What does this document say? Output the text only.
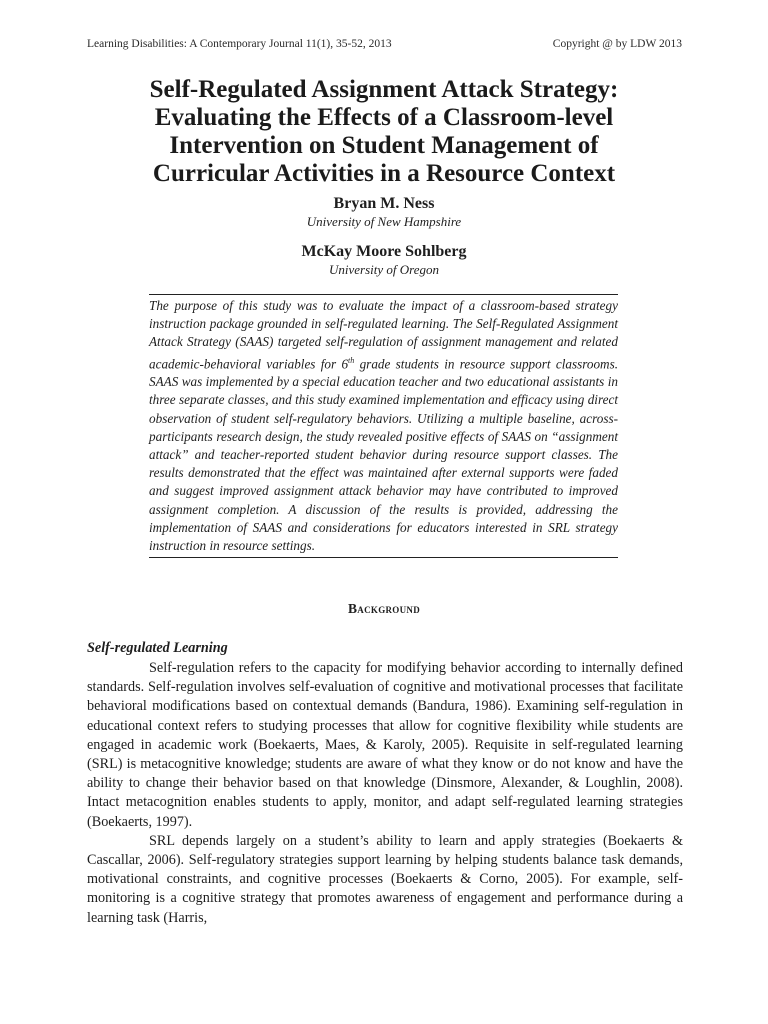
Learning Disabilities: A Contemporary Journal 11(1), 35-52, 2013	Copyright @ by LDW 2013
Self-Regulated Assignment Attack Strategy:
Evaluating the Effects of a Classroom-level
Intervention on Student Management of
Curricular Activities in a Resource Context
Bryan M. Ness
University of New Hampshire
McKay Moore Sohlberg
University of Oregon

The purpose of this study was to evaluate the impact of a classroom-based strategy instruction package grounded in self-regulated learning. The Self-Regulated Assignment Attack Strategy (SAAS) targeted self-regulation of assignment management and related academic-behavioral variables for 6th grade students in resource support classrooms. SAAS was implemented by a special education teacher and two educational assistants in three separate classes, and this study examined implementation and efficacy using direct observation of student self-regulatory behaviors. Utilizing a multiple baseline, across-participants research design, the study revealed positive effects of SAAS on “assignment attack” and teacher-reported student behavior during resource support classes. The results demonstrated that the effect was maintained after external supports were faded and suggest improved assignment attack behavior may have contributed to improved assignment completion. A discussion of the results is provided, addressing the implementation of SAAS and considerations for educators interested in SRL strategy instruction in resource settings.

Background
Self-regulated Learning

Self-regulation refers to the capacity for modifying behavior according to internally defined standards. Self-regulation involves self-evaluation of cognitive and motivational processes that facilitate behavioral modifications based on contextual demands (Bandura, 1986). Examining self-regulation in educational context refers to studying processes that allow for cognitive flexibility while students are engaged in academic work (Boekaerts, Maes, & Karoly, 2005). Requisite in self-regulated learning (SRL) is metacognitive knowledge; students are aware of what they know or do not know and have the ability to change their behavior based on that knowledge (Dinsmore, Alexander, & Loughlin, 2008). Intact metacognition enables students to apply, monitor, and adapt self-regulated learning strategies (Boekaerts, 1997).

SRL depends largely on a student’s ability to learn and apply strategies (Boekaerts & Cascallar, 2006). Self-regulatory strategies support learning by helping students balance task demands, motivational constraints, and cognitive processes (Boekaerts & Corno, 2005). For example, self-monitoring is a cognitive strategy that promotes awareness of engagement and performance during a learning task (Harris,
